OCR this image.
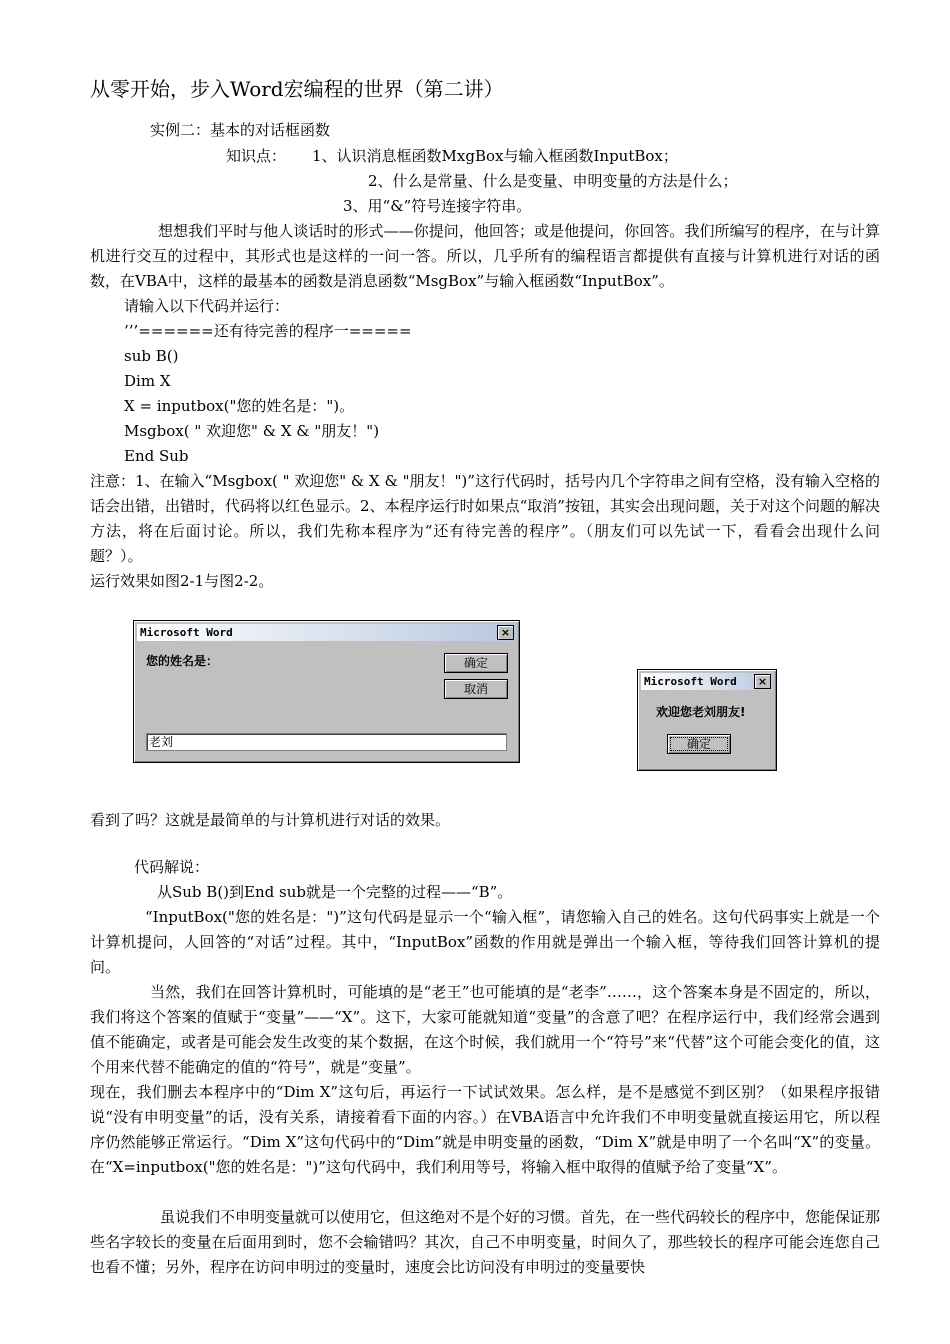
从零开始，步入Word宏编程的世界（第二讲）
实例二：基本的对话框函数
知识点： 1、认识消息框函数MxgBox与输入框函数InputBox；
2、什么是常量、什么是变量、申明变量的方法是什么；
3、用“&”符号连接字符串。
想想我们平时与他人谈话时的形式——你提问，他回答；或是他提问，你回答。我们所编写的程序，在与计算机进行交互的过程中，其形式也是这样的一问一答。所以，几乎所有的编程语言都提供有直接与计算机进行对话的函数，在VBA中，这样的最基本的函数是消息函数“MsgBox”与输入框函数“InputBox”。
请输入以下代码并运行：
’’’======还有待完善的程序一=====
sub B()
Dim X
X = inputbox("您的姓名是：")。
Msgbox( " 欢迎您" & X & "朋友！")
End Sub
注意：1、在输入“Msgbox( " 欢迎您" & X & "朋友！")”这行代码时，括号内几个字符串之间有空格，没有输入空格的话会出错，出错时，代码将以红色显示。2、本程序运行时如果点“取消”按钮，其实会出现问题，关于对这个问题的解决方法，将在后面讨论。所以，我们先称本程序为“还有待完善的程序”。（朋友们可以先试一下，看看会出现什么问题？）。
运行效果如图2-1与图2-2。
Microsoft Word	×
您的姓名是：	确定
取消
老刘
Microsoft Word	×
欢迎您老刘朋友!
确定
看到了吗？这就是最简单的与计算机进行对话的效果。
代码解说：
从Sub B()到End sub就是一个完整的过程——“B”。
“InputBox("您的姓名是：")”这句代码是显示一个“输入框”，请您输入自己的姓名。这句代码事实上就是一个计算机提问，人回答的“对话”过程。其中，“InputBox”函数的作用就是弹出一个输入框，等待我们回答计算机的提问。
当然，我们在回答计算机时，可能填的是“老王”也可能填的是“老李”……，这个答案本身是不固定的，所以，我们将这个答案的值赋于“变量”——“X”。这下，大家可能就知道“变量”的含意了吧？在程序运行中，我们经常会遇到值不能确定，或者是可能会发生改变的某个数据，在这个时候，我们就用一个“符号”来“代替”这个可能会变化的值，这个用来代替不能确定的值的“符号”，就是“变量”。
现在，我们删去本程序中的“Dim X”这句后，再运行一下试试效果。怎么样，是不是感觉不到区别？（如果程序报错说“没有申明变量”的话，没有关系，请接着看下面的内容。）在VBA语言中允许我们不申明变量就直接运用它，所以程序仍然能够正常运行。“Dim X”这句代码中的“Dim”就是申明变量的函数，“Dim X”就是申明了一个名叫“X”的变量。在“X=inputbox("您的姓名是：")”这句代码中，我们利用等号，将输入框中取得的值赋予给了变量“X”。
虽说我们不申明变量就可以使用它，但这绝对不是个好的习惯。首先，在一些代码较长的程序中，您能保证那些名字较长的变量在后面用到时，您不会输错吗？其次，自己不申明变量，时间久了，那些较长的程序可能会连您自己也看不懂；另外，程序在访问申明过的变量时，速度会比访问没有申明过的变量要快
